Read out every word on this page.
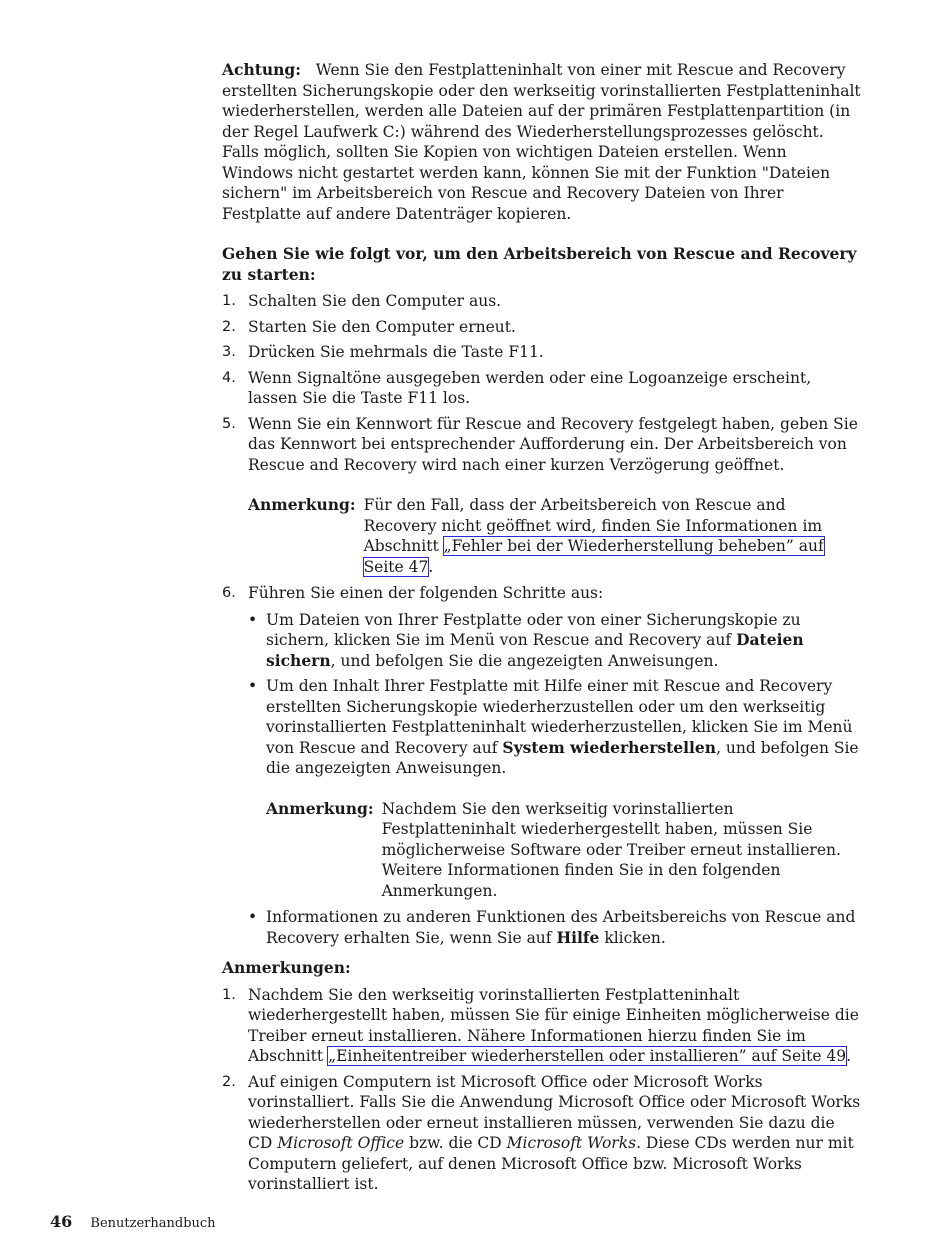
Achtung: Wenn Sie den Festplatteninhalt von einer mit Rescue and Recovery erstellten Sicherungskopie oder den werkseitig vorinstallierten Festplatteninhalt wiederherstellen, werden alle Dateien auf der primären Festplattenpartition (in der Regel Laufwerk C:) während des Wiederherstellungsprozesses gelöscht. Falls möglich, sollten Sie Kopien von wichtigen Dateien erstellen. Wenn Windows nicht gestartet werden kann, können Sie mit der Funktion "Dateien sichern" im Arbeitsbereich von Rescue and Recovery Dateien von Ihrer Festplatte auf andere Datenträger kopieren.

Gehen Sie wie folgt vor, um den Arbeitsbereich von Rescue and Recovery zu starten:

1. Schalten Sie den Computer aus.
2. Starten Sie den Computer erneut.
3. Drücken Sie mehrmals die Taste F11.
4. Wenn Signaltöne ausgegeben werden oder eine Logoanzeige erscheint, lassen Sie die Taste F11 los.
5. Wenn Sie ein Kennwort für Rescue and Recovery festgelegt haben, geben Sie das Kennwort bei entsprechender Aufforderung ein. Der Arbeitsbereich von Rescue and Recovery wird nach einer kurzen Verzögerung geöffnet.
Anmerkung: Für den Fall, dass der Arbeitsbereich von Rescue and Recovery nicht geöffnet wird, finden Sie Informationen im Abschnitt „Fehler bei der Wiederherstellung beheben” auf Seite 47.
6. Führen Sie einen der folgenden Schritte aus:
• Um Dateien von Ihrer Festplatte oder von einer Sicherungskopie zu sichern, klicken Sie im Menü von Rescue and Recovery auf Dateien sichern, und befolgen Sie die angezeigten Anweisungen.
• Um den Inhalt Ihrer Festplatte mit Hilfe einer mit Rescue and Recovery erstellten Sicherungskopie wiederherzustellen oder um den werkseitig vorinstallierten Festplatteninhalt wiederherzustellen, klicken Sie im Menü von Rescue and Recovery auf System wiederherstellen, und befolgen Sie die angezeigten Anweisungen.
Anmerkung: Nachdem Sie den werkseitig vorinstallierten Festplatteninhalt wiederhergestellt haben, müssen Sie möglicherweise Software oder Treiber erneut installieren. Weitere Informationen finden Sie in den folgenden Anmerkungen.
• Informationen zu anderen Funktionen des Arbeitsbereichs von Rescue and Recovery erhalten Sie, wenn Sie auf Hilfe klicken.

Anmerkungen:

1. Nachdem Sie den werkseitig vorinstallierten Festplatteninhalt wiederhergestellt haben, müssen Sie für einige Einheiten möglicherweise die Treiber erneut installieren. Nähere Informationen hierzu finden Sie im Abschnitt „Einheitentreiber wiederherstellen oder installieren” auf Seite 49.
2. Auf einigen Computern ist Microsoft Office oder Microsoft Works vorinstalliert. Falls Sie die Anwendung Microsoft Office oder Microsoft Works wiederherstellen oder erneut installieren müssen, verwenden Sie dazu die CD Microsoft Office bzw. die CD Microsoft Works. Diese CDs werden nur mit Computern geliefert, auf denen Microsoft Office bzw. Microsoft Works vorinstalliert ist.
46 Benutzerhandbuch
